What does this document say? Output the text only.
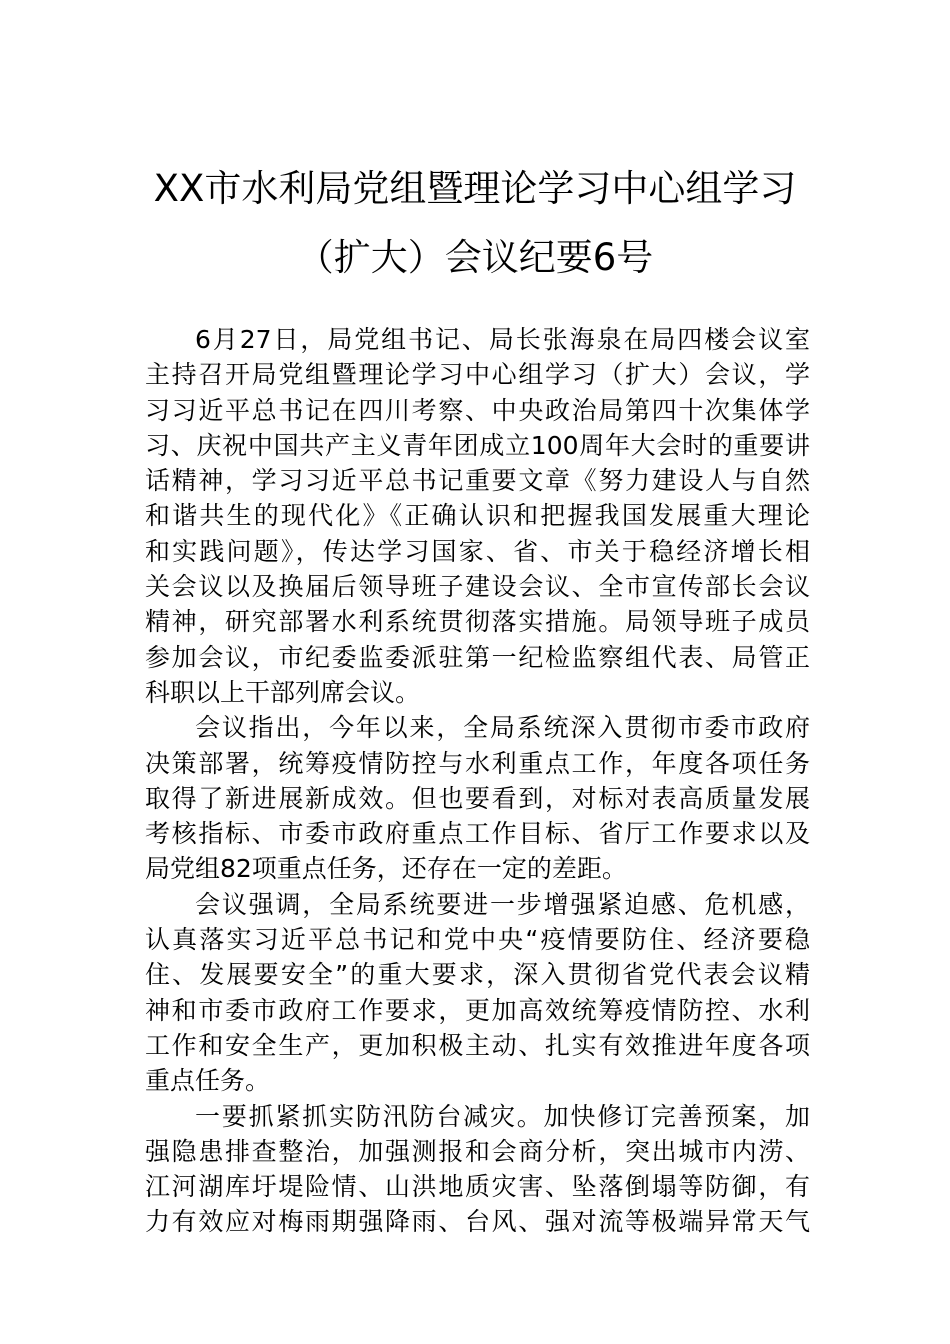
XX市水利局党组暨理论学习中心组学习
（扩大）会议纪要6号
6月27日，局党组书记、局长张海泉在局四楼会议室
主持召开局党组暨理论学习中心组学习（扩大）会议，学
习习近平总书记在四川考察、中央政治局第四十次集体学
习、庆祝中国共产主义青年团成立100周年大会时的重要讲
话精神，学习习近平总书记重要文章《努力建设人与自然
和谐共生的现代化》《正确认识和把握我国发展重大理论
和实践问题》，传达学习国家、省、市关于稳经济增长相
关会议以及换届后领导班子建设会议、全市宣传部长会议
精神，研究部署水利系统贯彻落实措施。局领导班子成员
参加会议，市纪委监委派驻第一纪检监察组代表、局管正
科职以上干部列席会议。
会议指出，今年以来，全局系统深入贯彻市委市政府
决策部署，统筹疫情防控与水利重点工作，年度各项任务
取得了新进展新成效。但也要看到，对标对表高质量发展
考核指标、市委市政府重点工作目标、省厅工作要求以及
局党组82项重点任务，还存在一定的差距。
会议强调，全局系统要进一步增强紧迫感、危机感，
认真落实习近平总书记和党中央“疫情要防住、经济要稳
住、发展要安全”的重大要求，深入贯彻省党代表会议精
神和市委市政府工作要求，更加高效统筹疫情防控、水利
工作和安全生产，更加积极主动、扎实有效推进年度各项
重点任务。
一要抓紧抓实防汛防台减灾。加快修订完善预案，加
强隐患排查整治，加强测报和会商分析，突出城市内涝、
江河湖库圩堤险情、山洪地质灾害、坠落倒塌等防御，有
力有效应对梅雨期强降雨、台风、强对流等极端异常天气
